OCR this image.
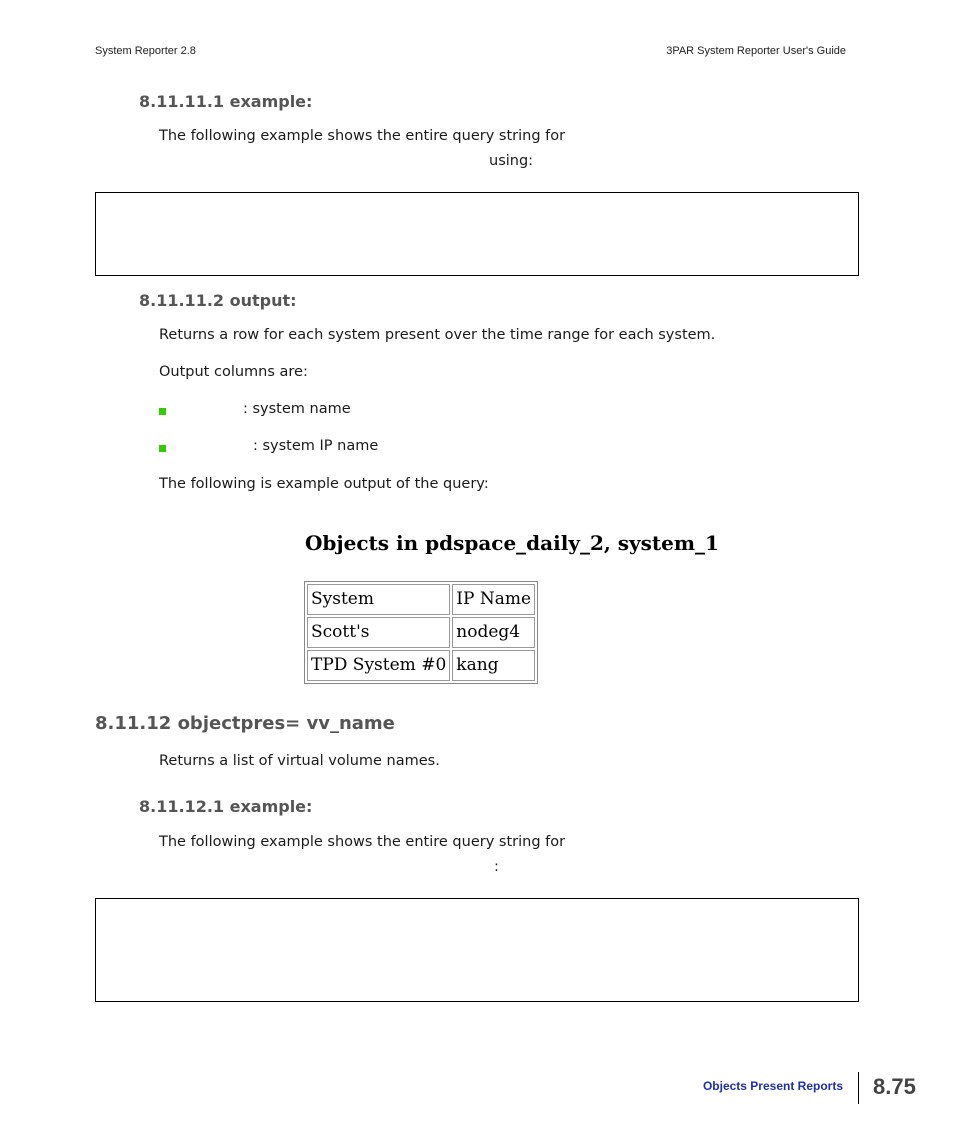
System Reporter 2.8	3PAR System Reporter User's Guide
8.11.11.1 example:
The following example shows the entire query string for
using:
8.11.11.2 output:
Returns a row for each system present over the time range for each system.
Output columns are:
: system name
: system IP name
The following is example output of the query:
Objects in pdspace_daily_2, system_1
System	IP Name
Scott's	nodeg4
TPD System #0	kang
8.11.12 objectpres= vv_name
Returns a list of virtual volume names.
8.11.12.1 example:
The following example shows the entire query string for
:
Objects Present Reports 8.75
